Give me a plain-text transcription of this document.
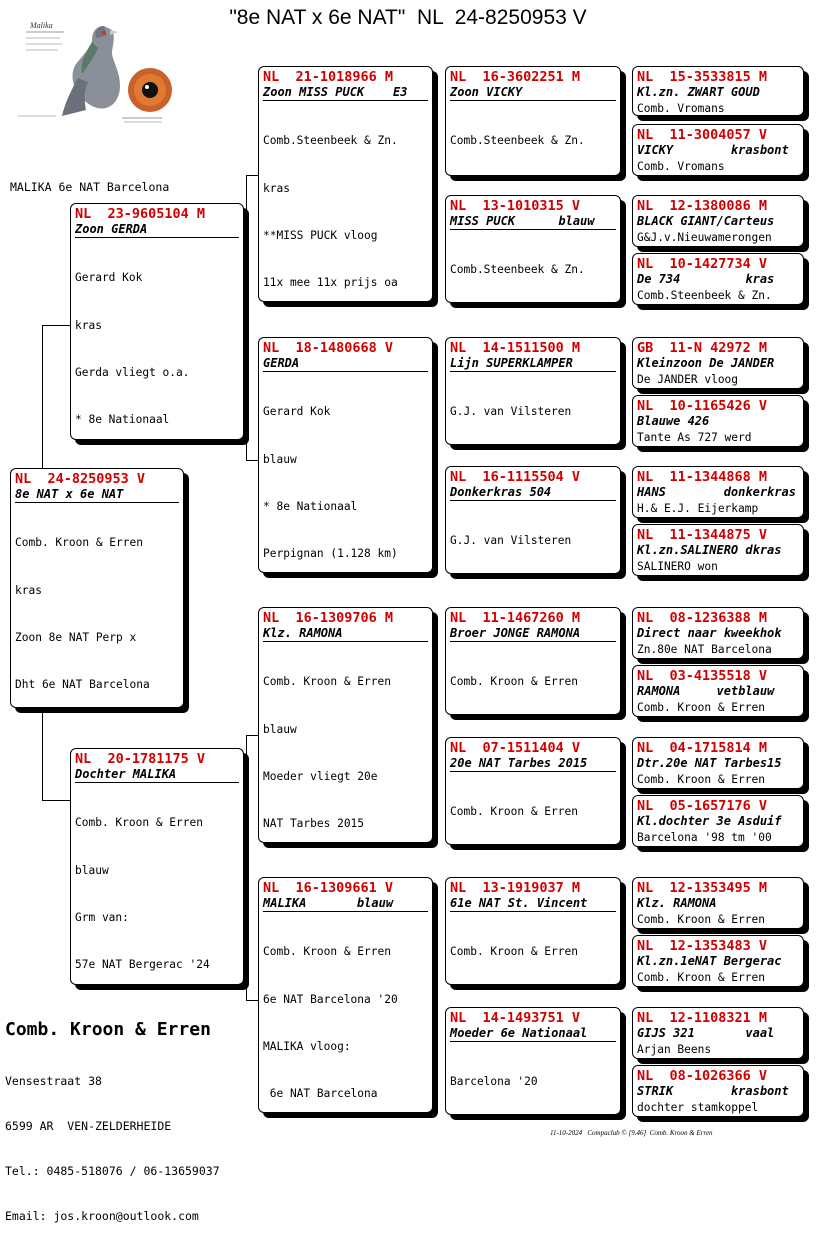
"8e NAT x 6e NAT"  NL  24-8250953 V
Malika
MALIKA 6e NAT Barcelona
NL  24-8250953 V
8e NAT x 6e NAT

Comb. Kroon & Erren

kras

Zoon 8e NAT Perp x

Dht 6e NAT Barcelona

NL  23-9605104 M
Zoon GERDA

Gerard Kok

kras

Gerda vliegt o.a.

* 8e Nationaal

NL  20-1781175 V
Dochter MALIKA

Comb. Kroon & Erren

blauw

Grm van:

57e NAT Bergerac '24

NL  21-1018966 M
Zoon MISS PUCK    E3

Comb.Steenbeek & Zn.

kras

**MISS PUCK vloog

11x mee 11x prijs oa

NL  18-1480668 V
GERDA

Gerard Kok

blauw

* 8e Nationaal

Perpignan (1.128 km)

NL  16-1309706 M
Klz. RAMONA

Comb. Kroon & Erren

blauw

Moeder vliegt 20e

NAT Tarbes 2015

NL  16-1309661 V
MALIKA       blauw

Comb. Kroon & Erren

6e NAT Barcelona '20

MALIKA vloog:

6e NAT Barcelona

NL  16-3602251 M
Zoon VICKY

Comb.Steenbeek & Zn.

NL  13-1010315 V
MISS PUCK      blauw

Comb.Steenbeek & Zn.

NL  14-1511500 M
Lijn SUPERKLAMPER

G.J. van Vilsteren

NL  16-1115504 V
Donkerkras 504

G.J. van Vilsteren

NL  11-1467260 M
Broer JONGE RAMONA

Comb. Kroon & Erren

NL  07-1511404 V
20e NAT Tarbes 2015

Comb. Kroon & Erren

NL  13-1919037 M
61e NAT St. Vincent

Comb. Kroon & Erren

NL  14-1493751 V
Moeder 6e Nationaal

Barcelona '20

NL  15-3533815 M
Kl.zn. ZWART GOUD
Comb. Vromans
NL  11-3004057 V
VICKY        krasbont
Comb. Vromans
NL  12-1380086 M
BLACK GIANT/Carteus
G&J.v.Nieuwamerongen
NL  10-1427734 V
De 734         kras
Comb.Steenbeek & Zn.
GB  11-N 42972 M
Kleinzoon De JANDER
De JANDER vloog
NL  10-1165426 V
Blauwe 426
Tante As 727 werd
NL  11-1344868 M
HANS        donkerkras
H.& E.J. Eijerkamp
NL  11-1344875 V
Kl.zn.SALINERO dkras
SALINERO won
NL  08-1236388 M
Direct naar kweekhok
Zn.80e NAT Barcelona
NL  03-4135518 V
RAMONA     vetblauw
Comb. Kroon & Erren
NL  04-1715814 M
Dtr.20e NAT Tarbes15
Comb. Kroon & Erren
NL  05-1657176 V
Kl.dochter 3e Asduif
Barcelona '98 tm '00
NL  12-1353495 M
Klz. RAMONA
Comb. Kroon & Erren
NL  12-1353483 V
Kl.zn.1eNAT Bergerac
Comb. Kroon & Erren
NL  12-1108321 M
GIJS 321       vaal
Arjan Beens
NL  08-1026366 V
STRIK        krasbont
dochter stamkoppel
Comb. Kroon & Erren

Vensestraat 38

6599 AR  VEN-ZELDERHEIDE

Tel.: 0485-518076 / 06-13659037

Email: jos.kroon@outlook.com

11-10-2024   Compuclub © [9.46]  Comb. Kroon & Erren
